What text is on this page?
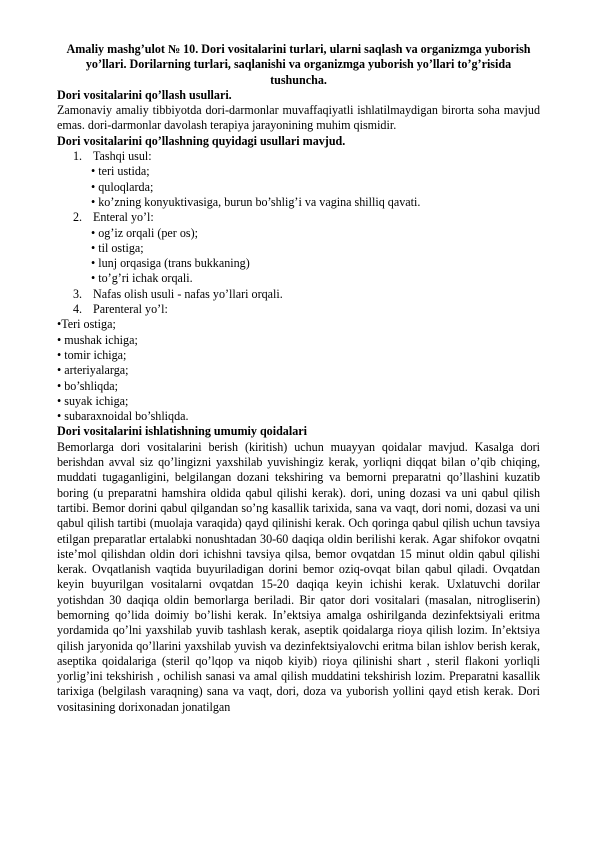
Amaliy mashg’ulot № 10. Dori vositalarini turlari, ularni saqlash va organizmga yuborish yo’llari. Dorilarning turlari, saqlanishi va organizmga yuborish yo’llari to’g’risida tushuncha.

Dori vositalarini qo’llash usullari.

Zamonaviy amaliy tibbiyotda dori-darmonlar muvaffaqiyatli ishlatilmaydigan birorta soha mavjud emas. dori-darmonlar davolash terapiya jarayonining muhim qismidir.

Dori vositalarini qo’llashning quyidagi usullari mavjud.

1. Tashqi usul:
• teri ustida;
• quloqlarda;
• ko’zning konyuktivasiga, burun bo’shlig’i va vagina shilliq qavati.
2. Enteral yo’l:
• og’iz orqali (per os);
• til ostiga;
• lunj orqasiga (trans bukkaning)
• to’g’ri ichak orqali.
3. Nafas olish usuli - nafas yo’llari orqali.
4. Parenteral yo’l:
•Teri ostiga;
• mushak ichiga;
• tomir ichiga;
• arteriyalarga;
• bo’shliqda;
• suyak ichiga;
• subaraxnoidal bo’shliqda.

Dori vositalarini ishlatishning umumiy qoidalari

Bemorlarga dori vositalarini berish (kiritish) uchun muayyan qoidalar mavjud. Kasalga dori berishdan avval siz qo’lingizni yaxshilab yuvishingiz kerak, yorliqni diqqat bilan o’qib chiqing, muddati tugaganligini, belgilangan dozani tekshiring va bemorni preparatni qo’llashini kuzatib boring (u preparatni hamshira oldida qabul qilishi kerak). dori, uning dozasi va uni qabul qilish tartibi. Bemor dorini qabul qilgandan so’ng kasallik tarixida, sana va vaqt, dori nomi, dozasi va uni qabul qilish tartibi (muolaja varaqida) qayd qilinishi kerak. Och qoringa qabul qilish uchun tavsiya etilgan preparatlar ertalabki nonushtadan 30-60 daqiqa oldin berilishi kerak. Agar shifokor ovqatni iste’mol qilishdan oldin dori ichishni tavsiya qilsa, bemor ovqatdan 15 minut oldin qabul qilishi kerak. Ovqatlanish vaqtida buyuriladigan dorini bemor oziq-ovqat bilan qabul qiladi. Ovqatdan keyin buyurilgan vositalarni ovqatdan 15-20 daqiqa keyin ichishi kerak. Uxlatuvchi dorilar yotishdan 30 daqiqa oldin bemorlarga beriladi. Bir qator dori vositalari (masalan, nitrogliserin) bemorning qo’lida doimiy bo’lishi kerak. In’ektsiya amalga oshirilganda dezinfektsiyali eritma yordamida qo’lni yaxshilab yuvib tashlash kerak, aseptik qoidalarga rioya qilish lozim. In’ektsiya qilish jaryonida qo’llarini yaxshilab yuvish va dezinfektsiyalovchi eritma bilan ishlov berish kerak, aseptika qoidalariga (steril qo’lqop va niqob kiyib) rioya qilinishi shart , steril flakoni yorliqli yorlig’ini tekshirish , ochilish sanasi va amal qilish muddatini tekshirish lozim. Preparatni kasallik tarixiga (belgilash varaqning) sana va vaqt, dori, doza va yuborish yollini qayd etish kerak. Dori vositasining dorixonadan jonatilgan
